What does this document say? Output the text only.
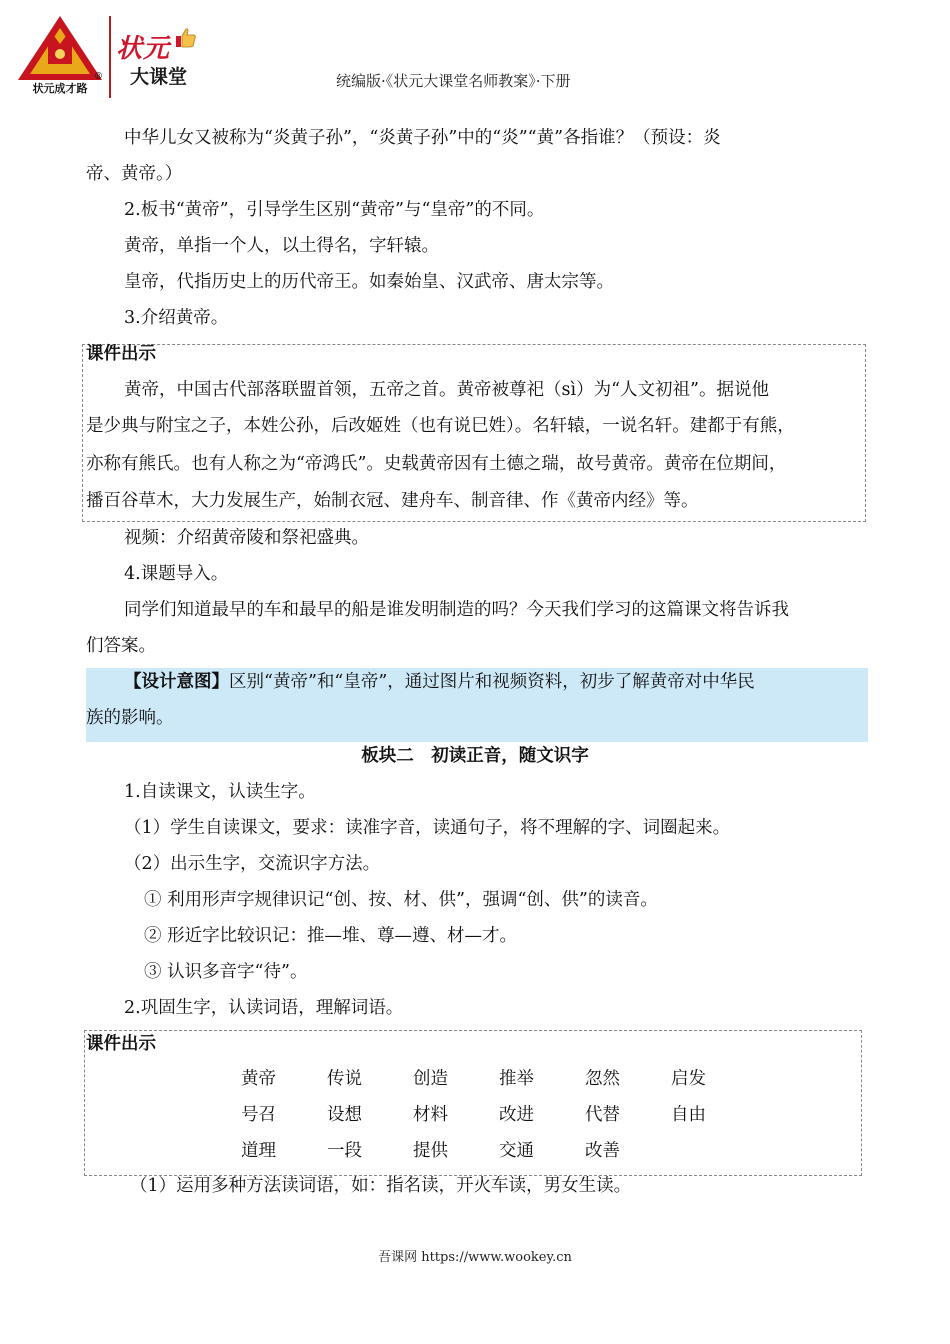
状元成才路
®
状元
大课堂	统编版·《状元大课堂名师教案》·下册
中华儿女又被称为“炎黄子孙”，“炎黄子孙”中的“炎”“黄”各指谁？（预设：炎
帝、黄帝。）
2.板书“黄帝”，引导学生区别“黄帝”与“皇帝”的不同。
黄帝，单指一个人，以土得名，字轩辕。
皇帝，代指历史上的历代帝王。如秦始皇、汉武帝、唐太宗等。
3.介绍黄帝。
课件出示
黄帝，中国古代部落联盟首领，五帝之首。黄帝被尊祀（sì）为“人文初祖”。据说他
是少典与附宝之子，本姓公孙，后改姬姓（也有说巳姓）。名轩辕，一说名轩。建都于有熊，
亦称有熊氏。也有人称之为“帝鸿氏”。史载黄帝因有土德之瑞，故号黄帝。黄帝在位期间，
播百谷草木，大力发展生产，始制衣冠、建舟车、制音律、作《黄帝内经》等。
视频：介绍黄帝陵和祭祀盛典。
4.课题导入。
同学们知道最早的车和最早的船是谁发明制造的吗？今天我们学习的这篇课文将告诉我
们答案。
【设计意图】区别“黄帝”和“皇帝”，通过图片和视频资料，初步了解黄帝对中华民
族的影响。
板块二　初读正音，随文识字
1.自读课文，认读生字。
（1）学生自读课文，要求：读准字音，读通句子，将不理解的字、词圈起来。
（2）出示生字，交流识字方法。
① 利用形声字规律识记“创、按、材、供”，强调“创、供”的读音。
② 形近字比较识记：推—堆、尊—遵、材—才。
③ 认识多音字“待”。
2.巩固生字，认读词语，理解词语。
课件出示
黄帝	传说	创造	推举	忽然	启发
号召	设想	材料	改进	代替	自由
道理	一段	提供	交通	改善
（1）运用多种方法读词语，如：指名读，开火车读，男女生读。
吾课网 https://www.wookey.cn
